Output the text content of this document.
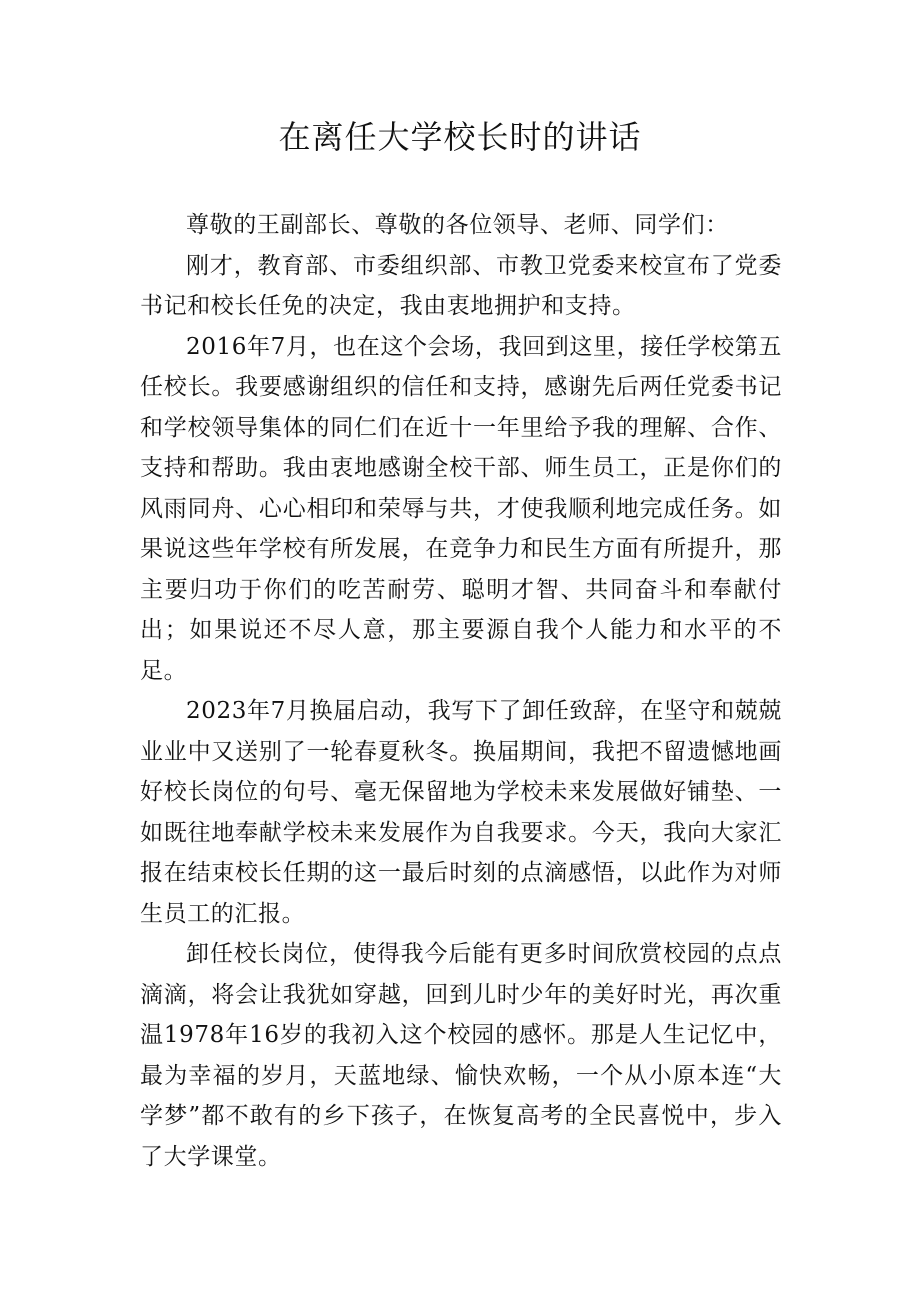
在离任大学校长时的讲话

尊敬的王副部长、尊敬的各位领导、老师、同学们：

刚才，教育部、市委组织部、市教卫党委来校宣布了党委书记和校长任免的决定，我由衷地拥护和支持。

2016年7月，也在这个会场，我回到这里，接任学校第五任校长。我要感谢组织的信任和支持，感谢先后两任党委书记和学校领导集体的同仁们在近十一年里给予我的理解、合作、支持和帮助。我由衷地感谢全校干部、师生员工，正是你们的风雨同舟、心心相印和荣辱与共，才使我顺利地完成任务。如果说这些年学校有所发展，在竞争力和民生方面有所提升，那主要归功于你们的吃苦耐劳、聪明才智、共同奋斗和奉献付出；如果说还不尽人意，那主要源自我个人能力和水平的不足。

2023年7月换届启动，我写下了卸任致辞，在坚守和兢兢业业中又送别了一轮春夏秋冬。换届期间，我把不留遗憾地画好校长岗位的句号、毫无保留地为学校未来发展做好铺垫、一如既往地奉献学校未来发展作为自我要求。今天，我向大家汇报在结束校长任期的这一最后时刻的点滴感悟，以此作为对师生员工的汇报。

卸任校长岗位，使得我今后能有更多时间欣赏校园的点点滴滴，将会让我犹如穿越，回到儿时少年的美好时光，再次重温1978年16岁的我初入这个校园的感怀。那是人生记忆中，最为幸福的岁月，天蓝地绿、愉快欢畅，一个从小原本连“大学梦”都不敢有的乡下孩子，在恢复高考的全民喜悦中，步入了大学课堂。
